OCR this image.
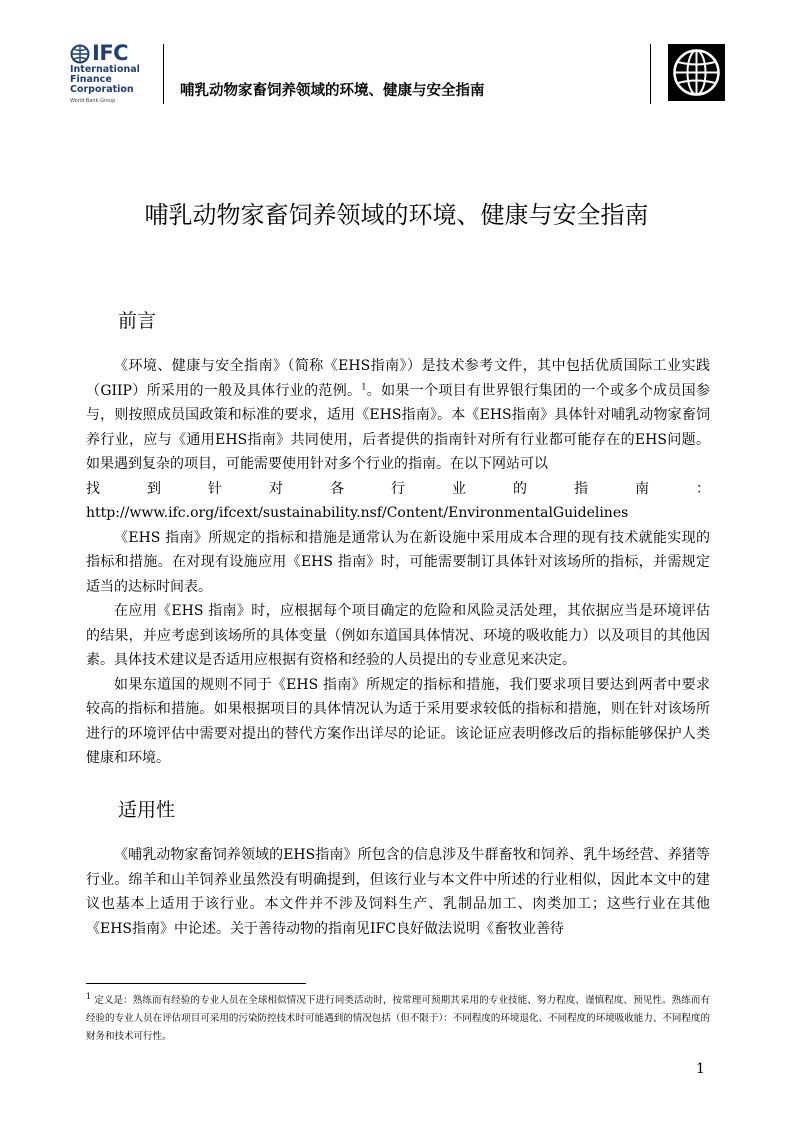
IFC
International
Finance
Corporation
World Bank Group
哺乳动物家畜饲养领域的环境、健康与安全指南
哺乳动物家畜饲养领域的环境、健康与安全指南
前言

《环境、健康与安全指南》（简称《EHS指南》）是技术参考文件，其中包括优质国际工业实践（GIIP）所采用的一般及具体行业的范例。$^1$。如果一个项目有世界银行集团的一个或多个成员国参与，则按照成员国政策和标准的要求，适用《EHS指南》。本《EHS指南》具体针对哺乳动物家畜饲养行业，应与《通用EHS指南》共同使用，后者提供的指南针对所有行业都可能存在的EHS问题。如果遇到复杂的项目，可能需要使用针对多个行业的指南。在以下网站可以

找	到	针	对	各	行	业	的	指	南	：

http://www.ifc.org/ifcext/sustainability.nsf/Content/EnvironmentalGuidelines

《EHS 指南》所规定的指标和措施是通常认为在新设施中采用成本合理的现有技术就能实现的指标和措施。在对现有设施应用《EHS 指南》时，可能需要制订具体针对该场所的指标，并需规定适当的达标时间表。

在应用《EHS 指南》时，应根据每个项目确定的危险和风险灵活处理，其依据应当是环境评估的结果，并应考虑到该场所的具体变量（例如东道国具体情况、环境的吸收能力）以及项目的其他因素。具体技术建议是否适用应根据有资格和经验的人员提出的专业意见来决定。

如果东道国的规则不同于《EHS 指南》所规定的指标和措施，我们要求项目要达到两者中要求较高的指标和措施。如果根据项目的具体情况认为适于采用要求较低的指标和措施，则在针对该场所进行的环境评估中需要对提出的替代方案作出详尽的论证。该论证应表明修改后的指标能够保护人类健康和环境。

适用性

《哺乳动物家畜饲养领域的EHS指南》所包含的信息涉及牛群畜牧和饲养、乳牛场经营、养猪等行业。绵羊和山羊饲养业虽然没有明确提到，但该行业与本文件中所述的行业相似，因此本文中的建议也基本上适用于该行业。本文件并不涉及饲料生产、乳制品加工、肉类加工；这些行业在其他《EHS指南》中论述。关于善待动物的指南见IFC良好做法说明《畜牧业善待

$^1$ 定义是：熟练而有经验的专业人员在全球相似情况下进行同类活动时，按常理可预期其采用的专业技能、努力程度、谨慎程度、预见性。熟练而有经验的专业人员在评估项目可采用的污染防控技术时可能遇到的情况包括（但不限于）：不同程度的环境退化、不同程度的环境吸收能力、不同程度的财务和技术可行性。
1
